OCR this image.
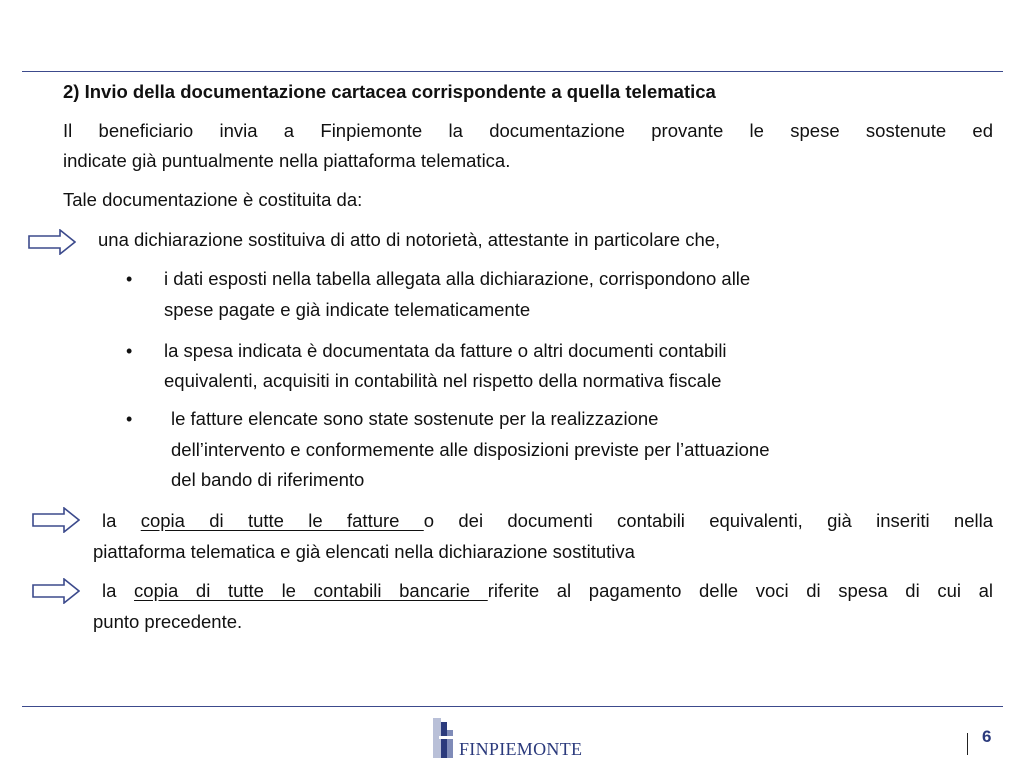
2) Invio della documentazione cartacea corrispondente a quella telematica
Il beneficiario invia a Finpiemonte la documentazione provante le spese sostenute ed
indicate già puntualmente nella piattaforma telematica.
Tale documentazione è costituita da:
una dichiarazione sostituiva di atto di notorietà, attestante in particolare che,
• i dati esposti nella tabella allegata alla dichiarazione, corrispondono alle
spese pagate e già indicate telematicamente
• la spesa indicata è documentata da fatture o altri documenti contabili
equivalenti, acquisiti in contabilità nel rispetto della normativa fiscale
• le fatture elencate sono state sostenute per la realizzazione
dell’intervento e conformemente alle disposizioni previste per l’attuazione
del bando di riferimento
la copia di tutte le fatture o dei documenti contabili equivalenti, già inseriti nella
piattaforma telematica e già elencati nella dichiarazione sostitutiva
la copia di tutte le contabili bancarie riferite al pagamento delle voci di spesa di cui al
punto precedente.
FINPIEMONTE
6
